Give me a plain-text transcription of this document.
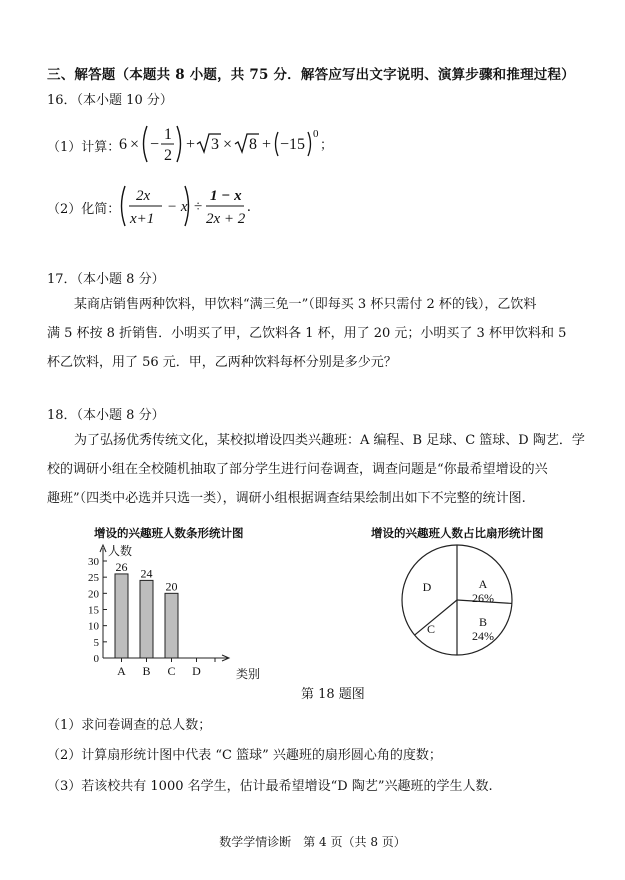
三、解答题（本题共 8 小题，共 75 分．解答应写出文字说明、演算步骤和推理过程）
16．（本小题 10 分）
（1）计算：
6 × −
1
2
+ 3 × 8 + −15
0
；
（2）化简：
2x
x+1
− x ÷
1 − x
2x + 2
.
17．（本小题 8 分）
某商店销售两种饮料，甲饮料“满三免一”（即每买 3 杯只需付 2 杯的钱），乙饮料
满 5 杯按 8 折销售．小明买了甲，乙饮料各 1 杯，用了 20 元；小明买了 3 杯甲饮料和 5
杯乙饮料，用了 56 元．甲，乙两种饮料每杯分别是多少元？
18．（本小题 8 分）
为了弘扬优秀传统文化，某校拟增设四类兴趣班：A 编程、B 足球、C 篮球、D 陶艺．学
校的调研小组在全校随机抽取了部分学生进行问卷调查，调查问题是“你最希望增设的兴
趣班”（四类中必选并只选一类），调研小组根据调查结果绘制出如下不完整的统计图.
增设的兴趣班人数条形统计图
人数
类别
0
5
10
15
20
25
30 26
A
24
B
20
C D
增设的兴趣班人数占比扇形统计图
A
26%
B
24%
C
D
第 18 题图
（1）求问卷调查的总人数；
（2）计算扇形统计图中代表 “C 篮球” 兴趣班的扇形圆心角的度数；
（3）若该校共有 1000 名学生，估计最希望增设“D 陶艺”兴趣班的学生人数.
数学学情诊断　第 4 页（共 8 页）
